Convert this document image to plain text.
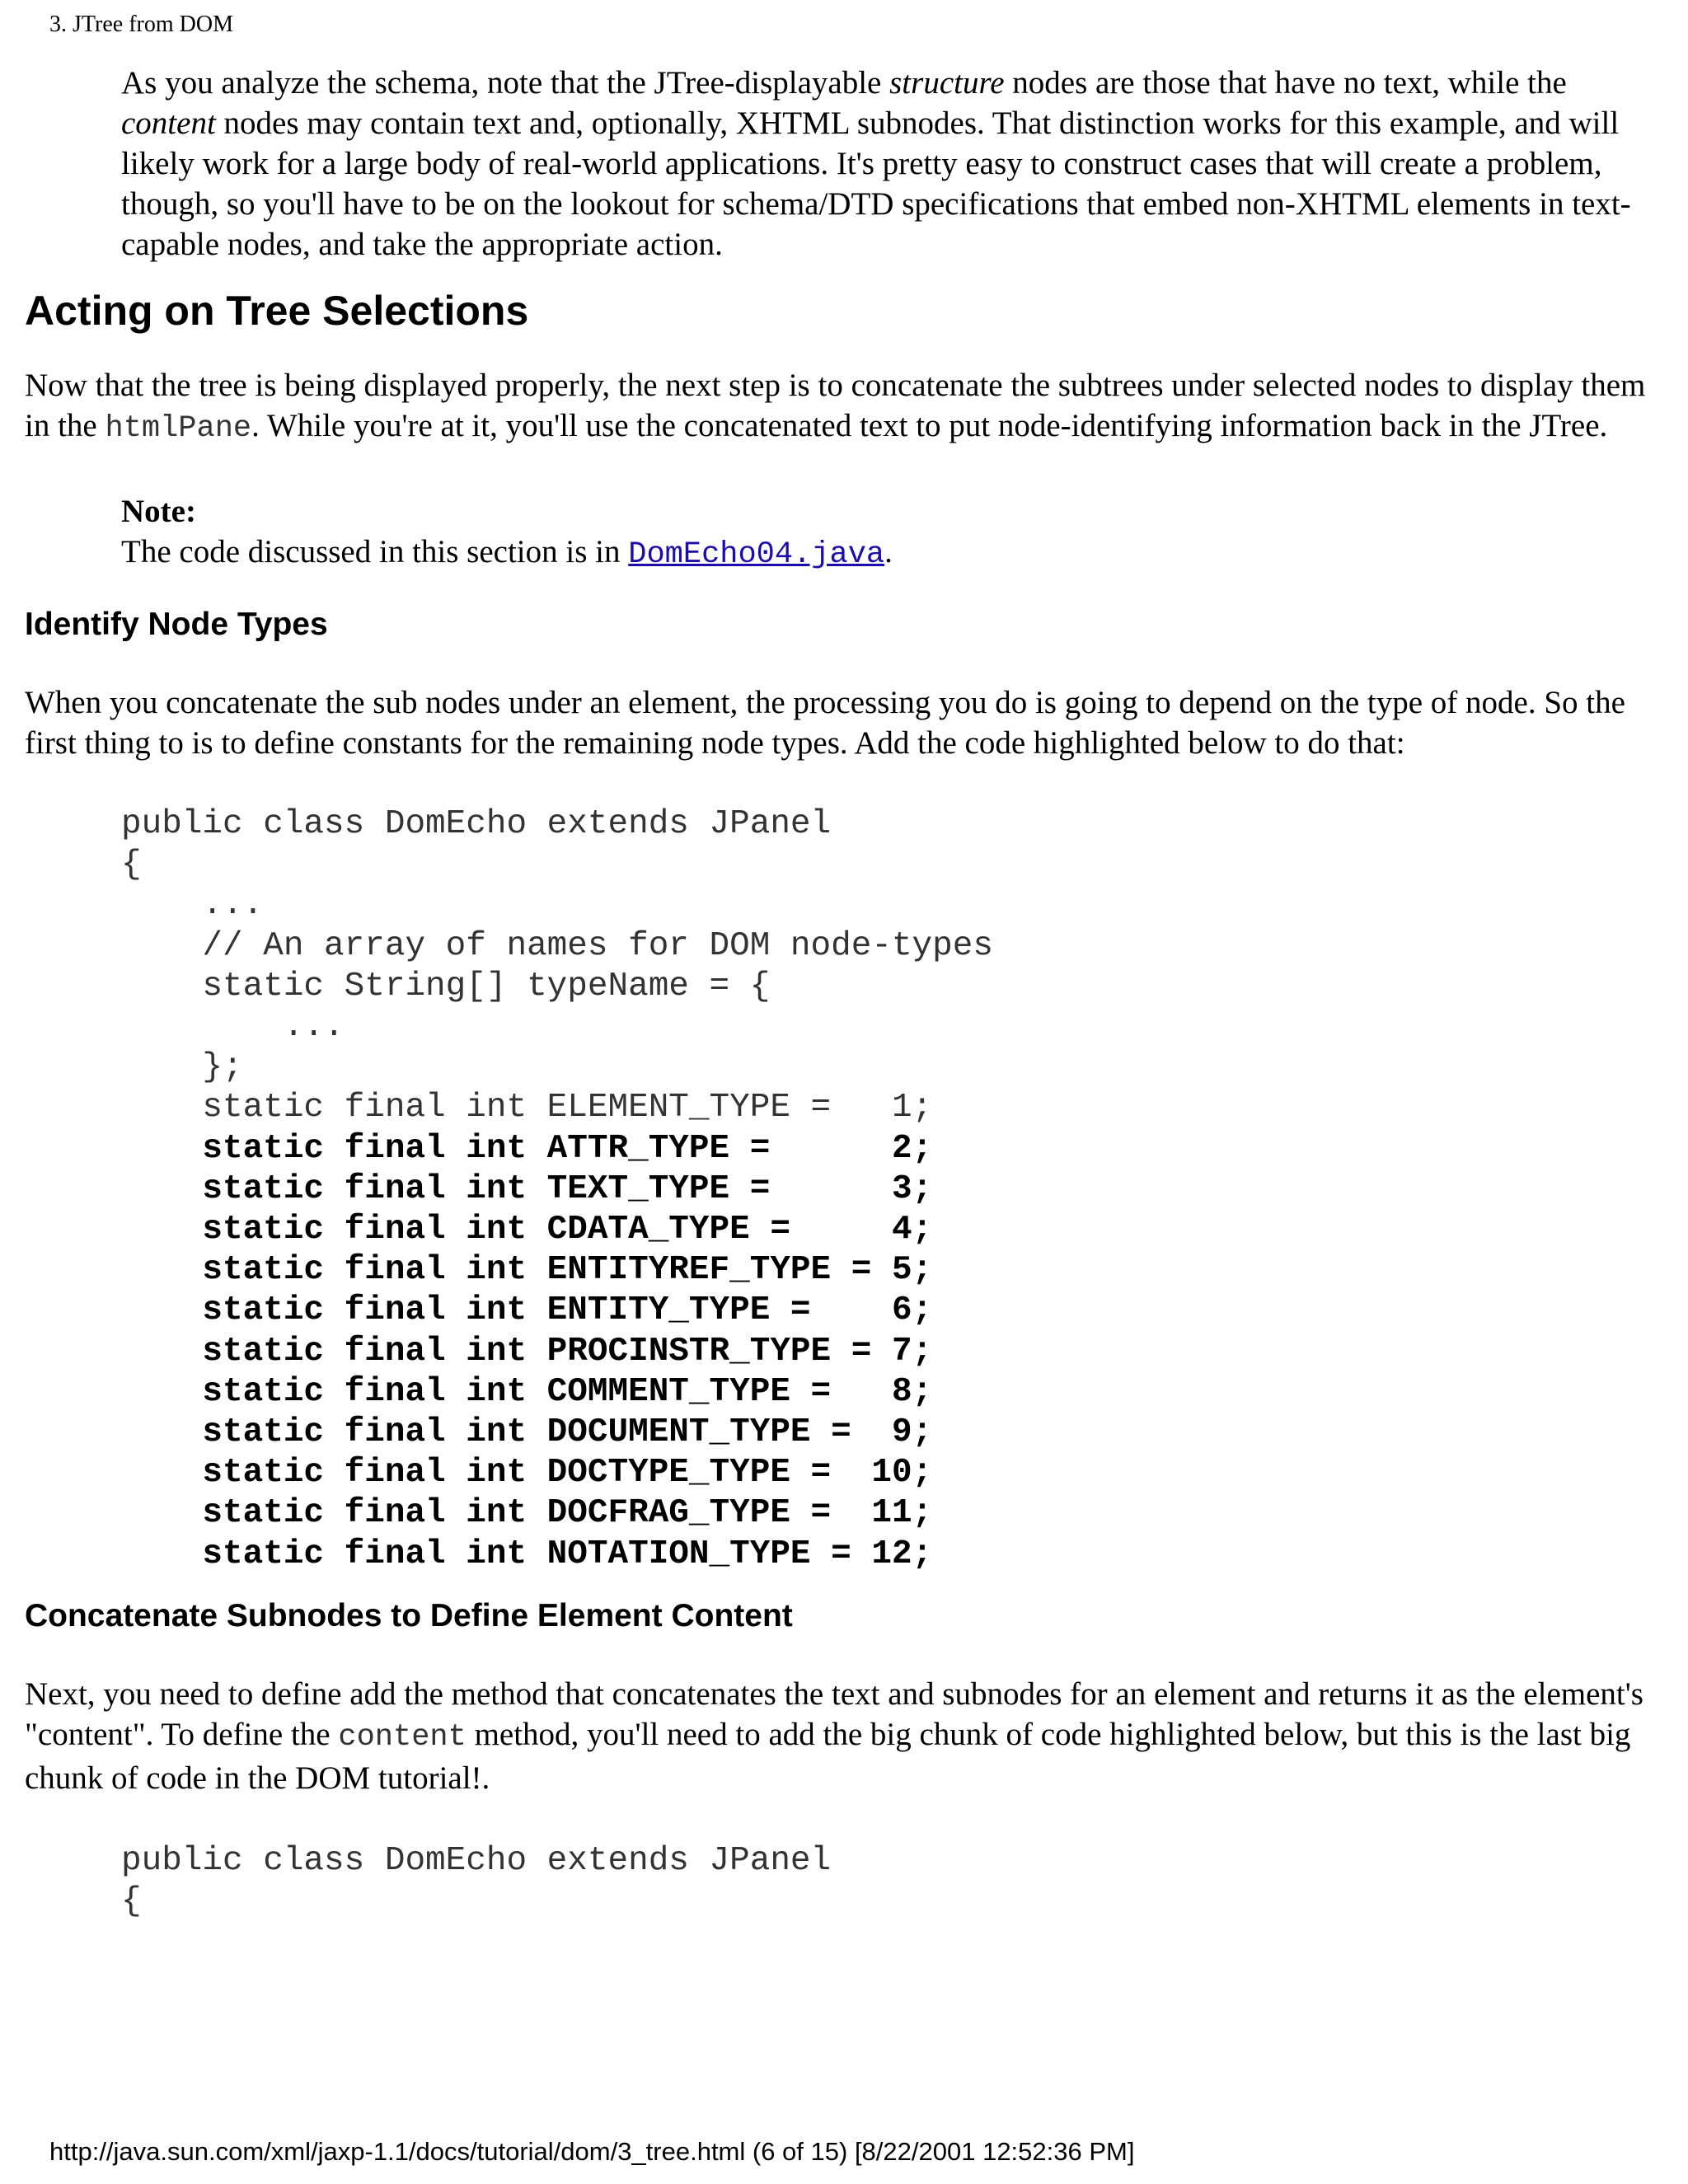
3. JTree from DOM

As you analyze the schema, note that the JTree-displayable structure nodes are those that have no text, while the content nodes may contain text and, optionally, XHTML subnodes. That distinction works for this example, and will likely work for a large body of real-world applications. It's pretty easy to construct cases that will create a problem, though, so you'll have to be on the lookout for schema/DTD specifications that embed non-XHTML elements in text-capable nodes, and take the appropriate action.

Acting on Tree Selections

Now that the tree is being displayed properly, the next step is to concatenate the subtrees under selected nodes to display them in the htmlPane. While you're at it, you'll use the concatenated text to put node-identifying information back in the JTree.

Note:

The code discussed in this section is in DomEcho04.java.

Identify Node Types

When you concatenate the sub nodes under an element, the processing you do is going to depend on the type of node. So the first thing to is to define constants for the remaining node types. Add the code highlighted below to do that:

public class DomEcho extends JPanel
{
...
// An array of names for DOM node-types
static String[] typeName = {
...
};
static final int ELEMENT_TYPE =   1;
static final int ATTR_TYPE =      2;
static final int TEXT_TYPE =      3;
static final int CDATA_TYPE =     4;
static final int ENTITYREF_TYPE = 5;
static final int ENTITY_TYPE =    6;
static final int PROCINSTR_TYPE = 7;
static final int COMMENT_TYPE =   8;
static final int DOCUMENT_TYPE =  9;
static final int DOCTYPE_TYPE =  10;
static final int DOCFRAG_TYPE =  11;
static final int NOTATION_TYPE = 12;
Concatenate Subnodes to Define Element Content

Next, you need to define add the method that concatenates the text and subnodes for an element and returns it as the element's "content". To define the content method, you'll need to add the big chunk of code highlighted below, but this is the last big chunk of code in the DOM tutorial!.

public class DomEcho extends JPanel
{
http://java.sun.com/xml/jaxp-1.1/docs/tutorial/dom/3_tree.html (6 of 15) [8/22/2001 12:52:36 PM]
